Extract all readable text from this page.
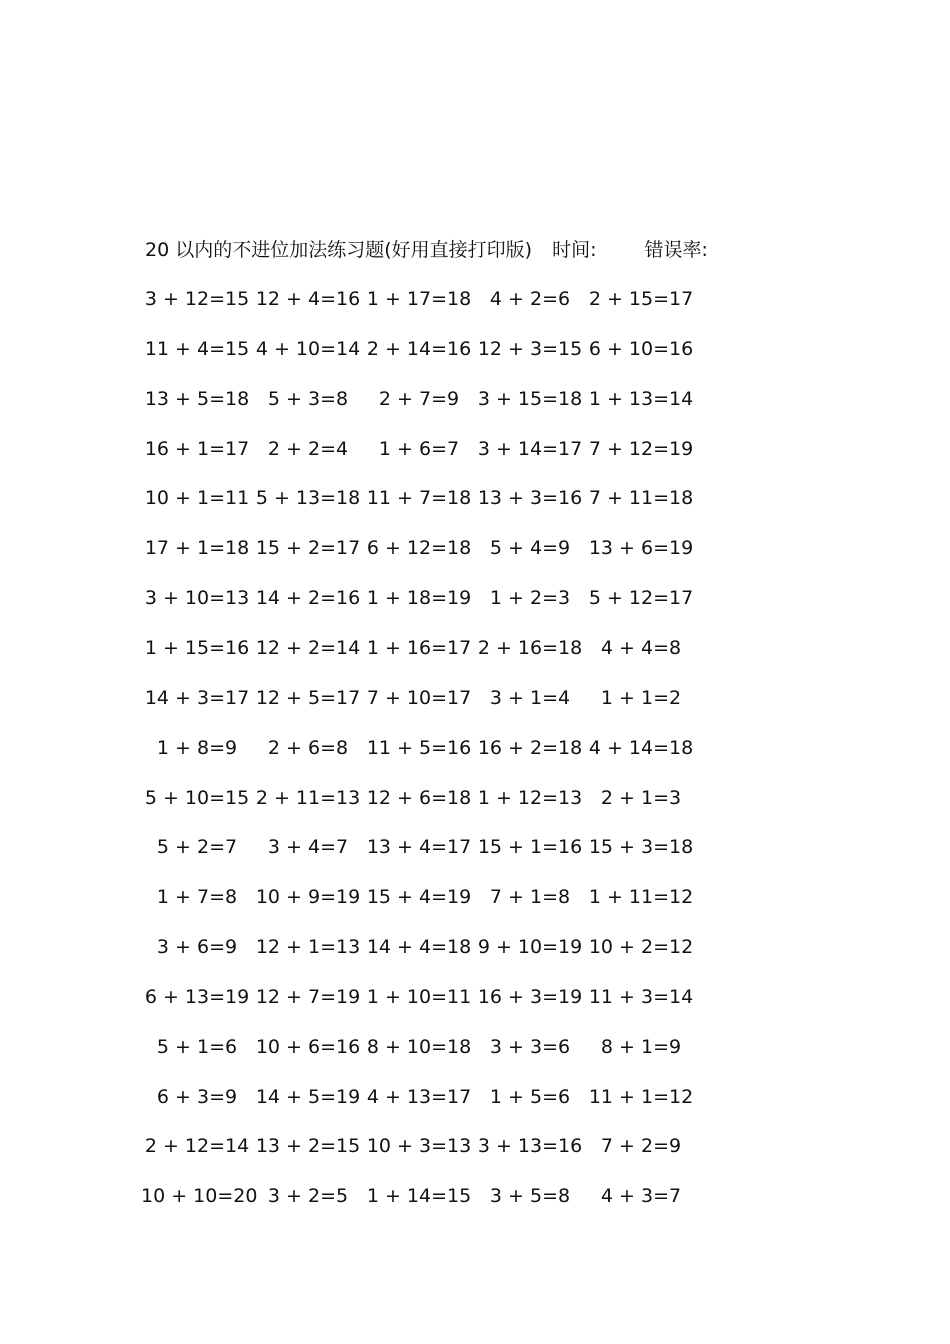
20 以内的不进位加法练习题(好用直接打印版) 时间:	错误率:
3 + 12=15 12 + 4=16 1 + 17=18 4 + 2=6 2 + 15=17
11 + 4=15 4 + 10=14 2 + 14=16 12 + 3=15 6 + 10=16
13 + 5=18 5 + 3=8	2 + 7=9 3 + 15=18 1 + 13=14
16 + 1=17 2 + 2=4	1 + 6=7 3 + 14=17 7 + 12=19
10 + 1=11 5 + 13=18 11 + 7=18 13 + 3=16 7 + 11=18
17 + 1=18 15 + 2=17 6 + 12=18 5 + 4=9 13 + 6=19
3 + 10=13 14 + 2=16 1 + 18=19 1 + 2=3 5 + 12=17
1 + 15=16 12 + 2=14 1 + 16=17 2 + 16=18 4 + 4=8
14 + 3=17 12 + 5=17 7 + 10=17 3 + 1=4	1 + 1=2
1 + 8=9	2 + 6=8 11 + 5=16 16 + 2=18 4 + 14=18
5 + 10=15 2 + 11=13 12 + 6=18 1 + 12=13 2 + 1=3
5 + 2=7	3 + 4=7 13 + 4=17 15 + 1=16 15 + 3=18
1 + 7=8 10 + 9=19 15 + 4=19 7 + 1=8 1 + 11=12
3 + 6=9 12 + 1=13 14 + 4=18 9 + 10=19 10 + 2=12
6 + 13=19 12 + 7=19 1 + 10=11 16 + 3=19 11 + 3=14
5 + 1=6 10 + 6=16 8 + 10=18 3 + 3=6	8 + 1=9
6 + 3=9 14 + 5=19 4 + 13=17 1 + 5=6 11 + 1=12
2 + 12=14 13 + 2=15 10 + 3=13 3 + 13=16 7 + 2=9
10 + 10=20 3 + 2=5 1 + 14=15 3 + 5=8	4 + 3=7
